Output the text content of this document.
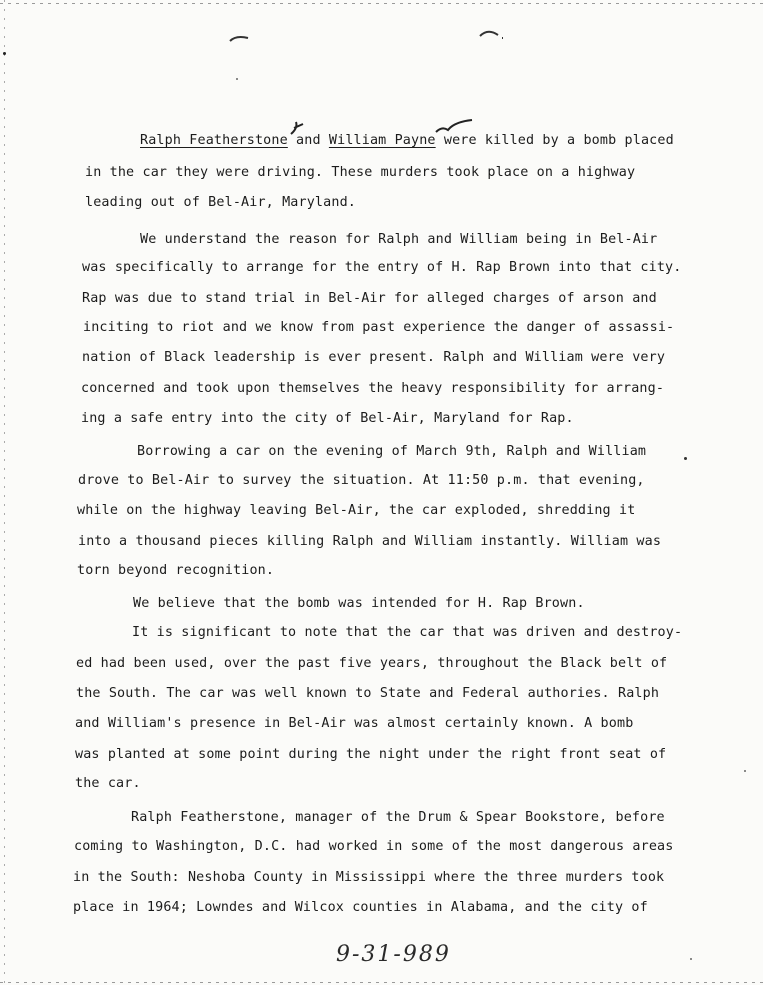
Ralph Featherstone and William Payne were killed by a bomb placed
in the car they were driving. These murders took place on a highway
leading out of Bel-Air, Maryland.
We understand the reason for Ralph and William being in Bel-Air
was specifically to arrange for the entry of H. Rap Brown into that city.
Rap was due to stand trial in Bel-Air for alleged charges of arson and
inciting to riot and we know from past experience the danger of assassi-
nation of Black leadership is ever present. Ralph and William were very
concerned and took upon themselves the heavy responsibility for arrang-
ing a safe entry into the city of Bel-Air, Maryland for Rap.
Borrowing a car on the evening of March 9th, Ralph and William
drove to Bel-Air to survey the situation. At 11:50 p.m. that evening,
while on the highway leaving Bel-Air, the car exploded, shredding it
into a thousand pieces killing Ralph and William instantly. William was
torn beyond recognition.
We believe that the bomb was intended for H. Rap Brown.
It is significant to note that the car that was driven and destroy-
ed had been used, over the past five years, throughout the Black belt of
the South. The car was well known to State and Federal authories. Ralph
and William's presence in Bel-Air was almost certainly known. A bomb
was planted at some point during the night under the right front seat of
the car.
Ralph Featherstone, manager of the Drum & Spear Bookstore, before
coming to Washington, D.C. had worked in some of the most dangerous areas
in the South: Neshoba County in Mississippi where the three murders took
place in 1964; Lowndes and Wilcox counties in Alabama, and the city of
9-31-989
